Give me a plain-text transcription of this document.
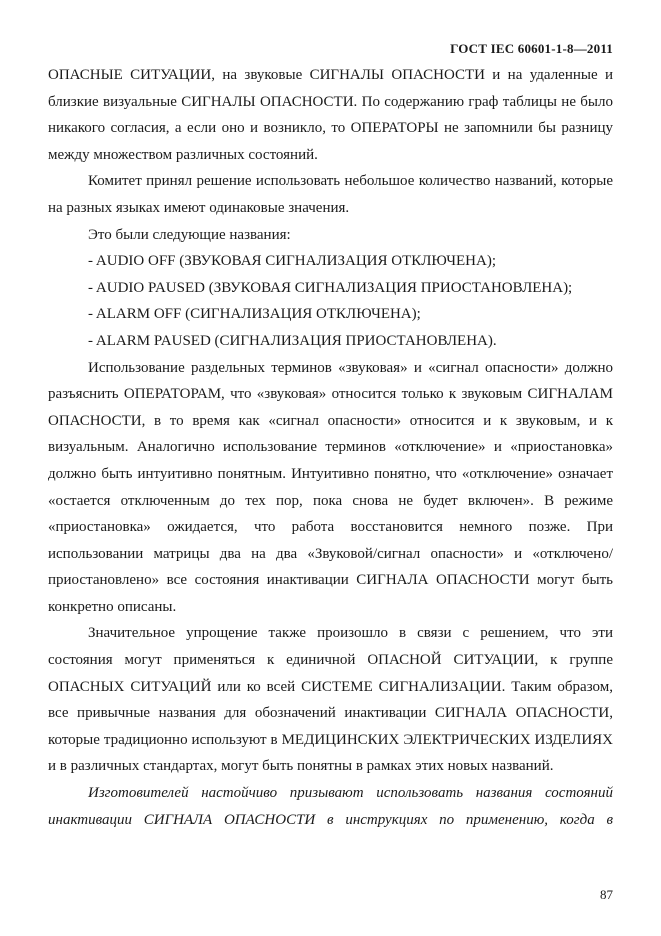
ГОСТ IEC 60601-1-8—2011

ОПАСНЫЕ СИТУАЦИИ, на звуковые СИГНАЛЫ ОПАСНОСТИ и на удаленные и близкие визуальные СИГНАЛЫ ОПАСНОСТИ. По содержанию граф таблицы не было никакого согласия, а если оно и возникло, то ОПЕРАТОРЫ не запомнили бы разницу между множеством различных состояний.

Комитет принял решение использовать небольшое количество названий, которые на разных языках имеют одинаковые значения.

Это были следующие названия:

- AUDIO OFF (ЗВУКОВАЯ СИГНАЛИЗАЦИЯ ОТКЛЮЧЕНА);

- AUDIO PAUSED (ЗВУКОВАЯ СИГНАЛИЗАЦИЯ ПРИОСТАНОВЛЕНА);

- ALARM OFF (СИГНАЛИЗАЦИЯ ОТКЛЮЧЕНА);

- ALARM PAUSED (СИГНАЛИЗАЦИЯ ПРИОСТАНОВЛЕНА).

Использование раздельных терминов «звуковая» и «сигнал опасности» должно разъяснить ОПЕРАТОРАМ, что «звуковая» относится только к звуковым СИГНАЛАМ ОПАСНОСТИ, в то время как «сигнал опасности» относится и к звуковым, и к визуальным. Аналогично использование терминов «отключение» и «приостановка» должно быть интуитивно понятным. Интуитивно понятно, что «отключение» означает «остается отключенным до тех пор, пока снова не будет включен». В режиме «приостановка» ожидается, что работа восстановится немного позже. При использовании матрицы два на два «Звуковой/сигнал опасности» и «отключено/приостановлено» все состояния инактивации СИГНАЛА ОПАСНОСТИ могут быть конкретно описаны.

Значительное упрощение также произошло в связи с решением, что эти состояния могут применяться к единичной ОПАСНОЙ СИТУАЦИИ, к группе ОПАСНЫХ СИТУАЦИЙ или ко всей СИСТЕМЕ СИГНАЛИЗАЦИИ. Таким образом, все привычные названия для обозначений инактивации СИГНАЛА ОПАСНОСТИ, которые традиционно используют в МЕДИЦИНСКИХ ЭЛЕКТРИЧЕСКИХ ИЗДЕЛИЯХ и в различных стандартах, могут быть понятны в рамках этих новых названий.

Изготовителей настойчиво призывают использовать названия состояний инактивации СИГНАЛА ОПАСНОСТИ в инструкциях по применению, когда в

87
